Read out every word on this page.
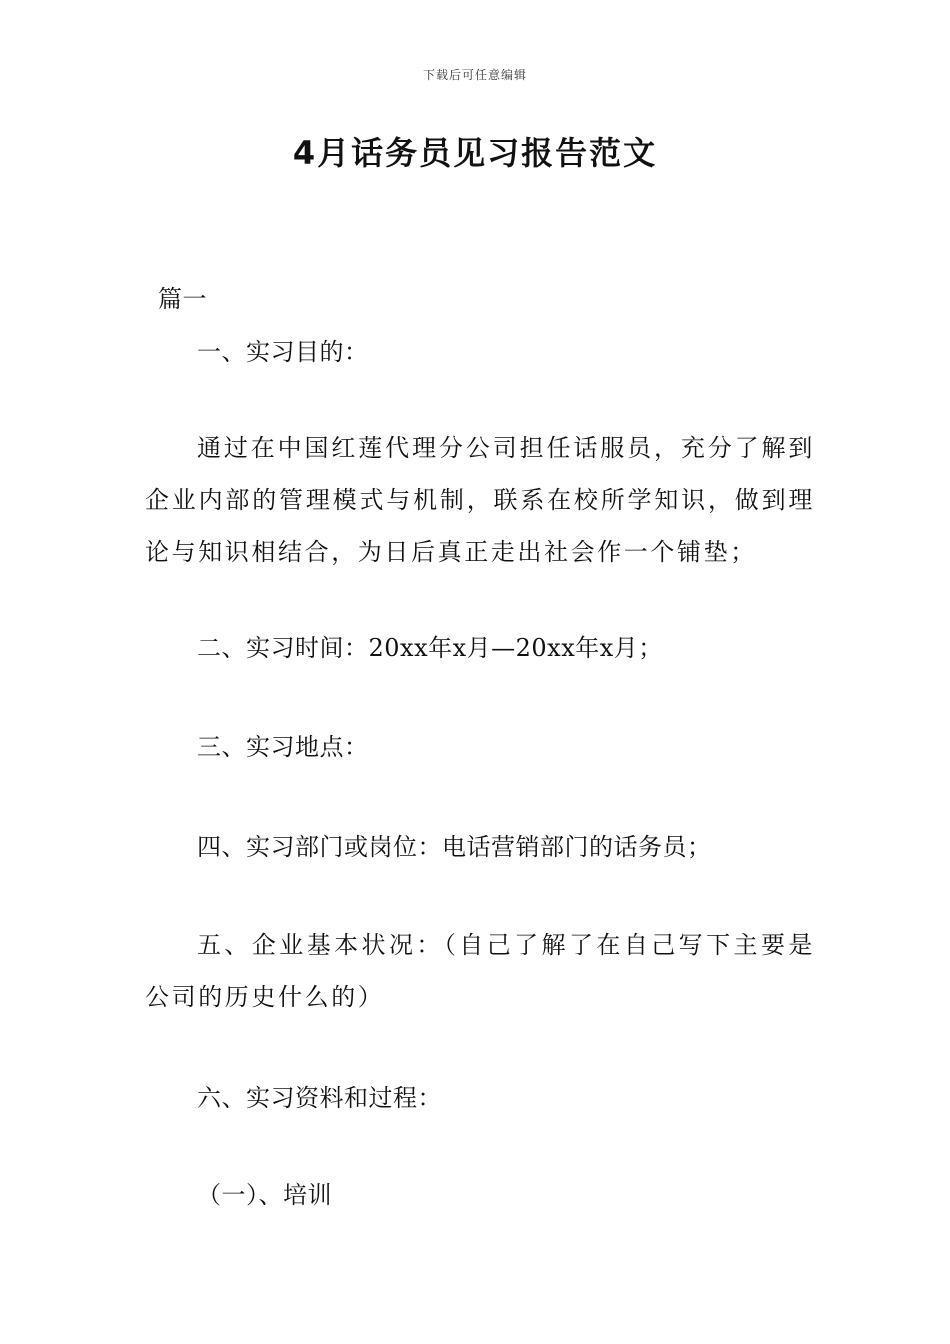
下载后可任意编辑
4月话务员见习报告范文
篇一
一、实习目的：

通过在中国红莲代理分公司担任话服员，充分了解到企业内部的管理模式与机制，联系在校所学知识，做到理论与知识相结合，为日后真正走出社会作一个铺垫；

二、实习时间：20xx年x月—20xx年x月；
三、实习地点：
四、实习部门或岗位：电话营销部门的话务员；

五、企业基本状况：（自己了解了在自己写下主要是公司的历史什么的）

六、实习资料和过程：
（一）、培训
